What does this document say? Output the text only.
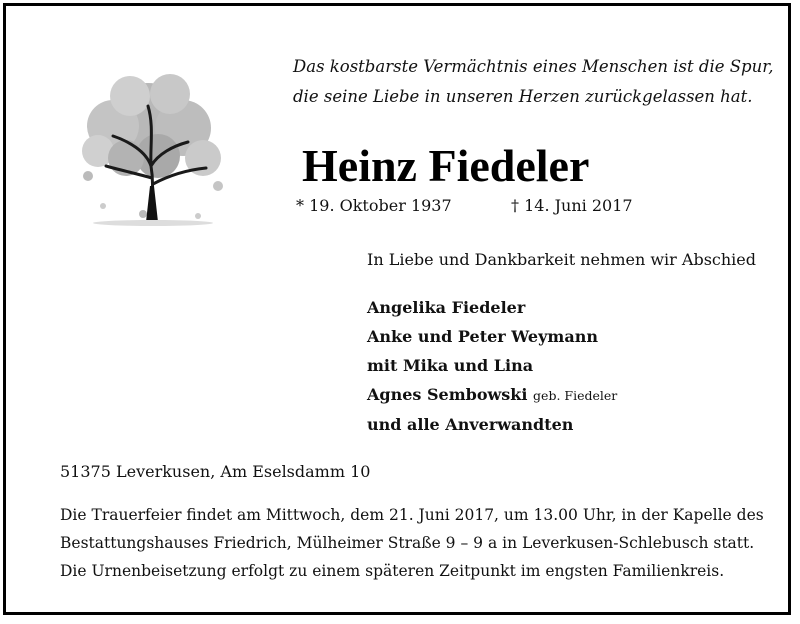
Das kostbarste Vermächtnis eines Menschen ist die Spur,
die seine Liebe in unseren Herzen zurückgelassen hat.
Heinz Fiedeler
* 19. Oktober 1937	† 14. Juni 2017
In Liebe und Dankbarkeit nehmen wir Abschied
Angelika Fiedeler
Anke und Peter Weymann
mit Mika und Lina
Agnes Sembowski geb. Fiedeler
und alle Anverwandten
51375 Leverkusen, Am Eselsdamm 10
Die Trauerfeier findet am Mittwoch, dem 21. Juni 2017, um 13.00 Uhr, in der Kapelle des
Bestattungshauses Friedrich, Mülheimer Straße 9 – 9 a in Leverkusen-Schlebusch statt.
Die Urnenbeisetzung erfolgt zu einem späteren Zeitpunkt im engsten Familienkreis.
